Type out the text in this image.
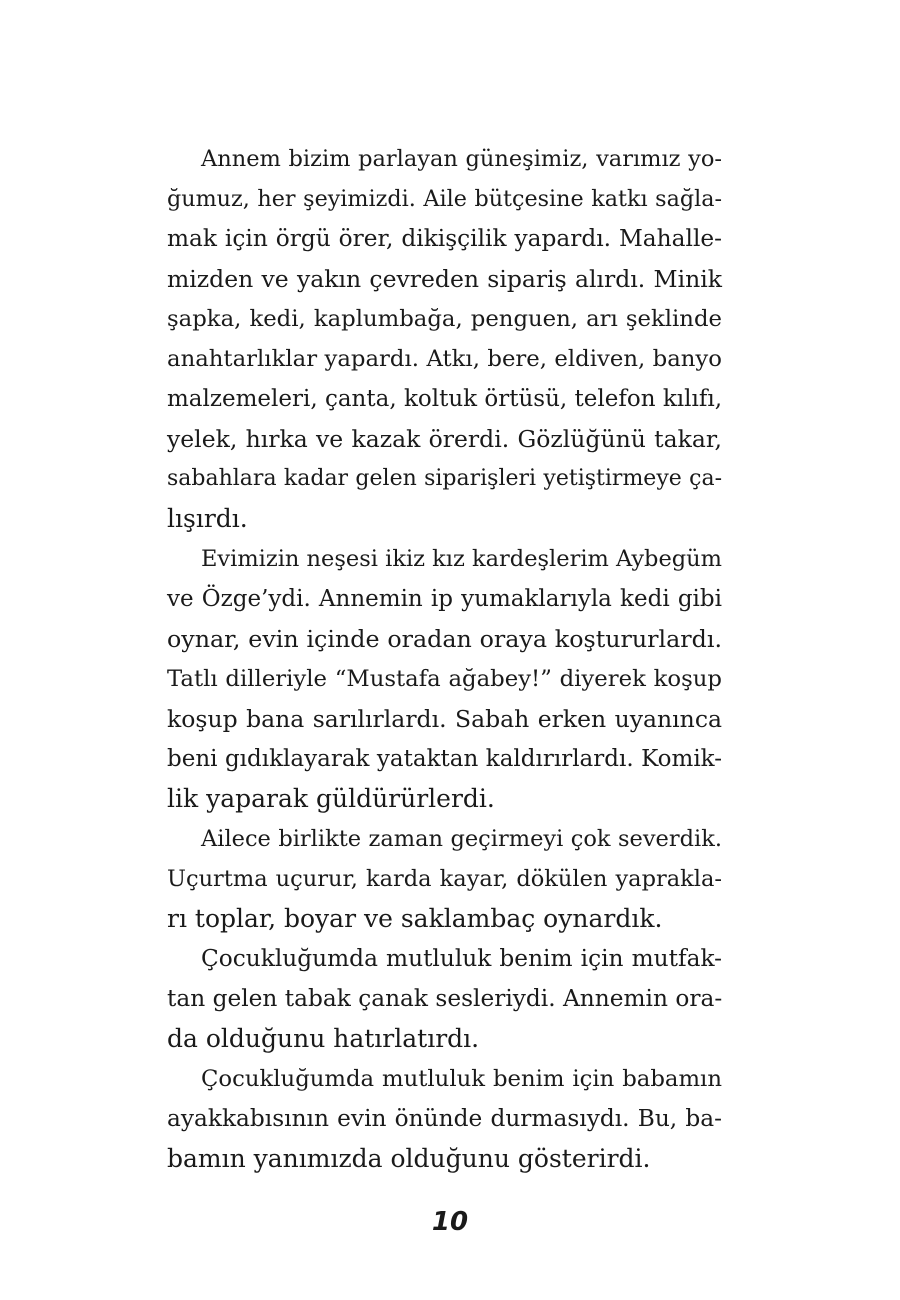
Annem bizim parlayan güneşimiz, varımız yo-
ğumuz, her şeyimizdi. Aile bütçesine katkı sağla-
mak için örgü örer, dikişçilik yapardı. Mahalle-
mizden ve yakın çevreden sipariş alırdı. Minik
şapka, kedi, kaplumbağa, penguen, arı şeklinde
anahtarlıklar yapardı. Atkı, bere, eldiven, banyo
malzemeleri, çanta, koltuk örtüsü, telefon kılıfı,
yelek, hırka ve kazak örerdi. Gözlüğünü takar,
sabahlara kadar gelen siparişleri yetiştirmeye ça-
lışırdı.
Evimizin neşesi ikiz kız kardeşlerim Aybegüm
ve Özge’ydi. Annemin ip yumaklarıyla kedi gibi
oynar, evin içinde oradan oraya koştururlardı.
Tatlı dilleriyle “Mustafa ağabey!” diyerek koşup
koşup bana sarılırlardı. Sabah erken uyanınca
beni gıdıklayarak yataktan kaldırırlardı. Komik-
lik yaparak güldürürlerdi.
Ailece birlikte zaman geçirmeyi çok severdik.
Uçurtma uçurur, karda kayar, dökülen yaprakla-
rı toplar, boyar ve saklambaç oynardık.
Çocukluğumda mutluluk benim için mutfak-
tan gelen tabak çanak sesleriydi. Annemin ora-
da olduğunu hatırlatırdı.
Çocukluğumda mutluluk benim için babamın
ayakkabısının evin önünde durmasıydı. Bu, ba-
bamın yanımızda olduğunu gösterirdi.
10
